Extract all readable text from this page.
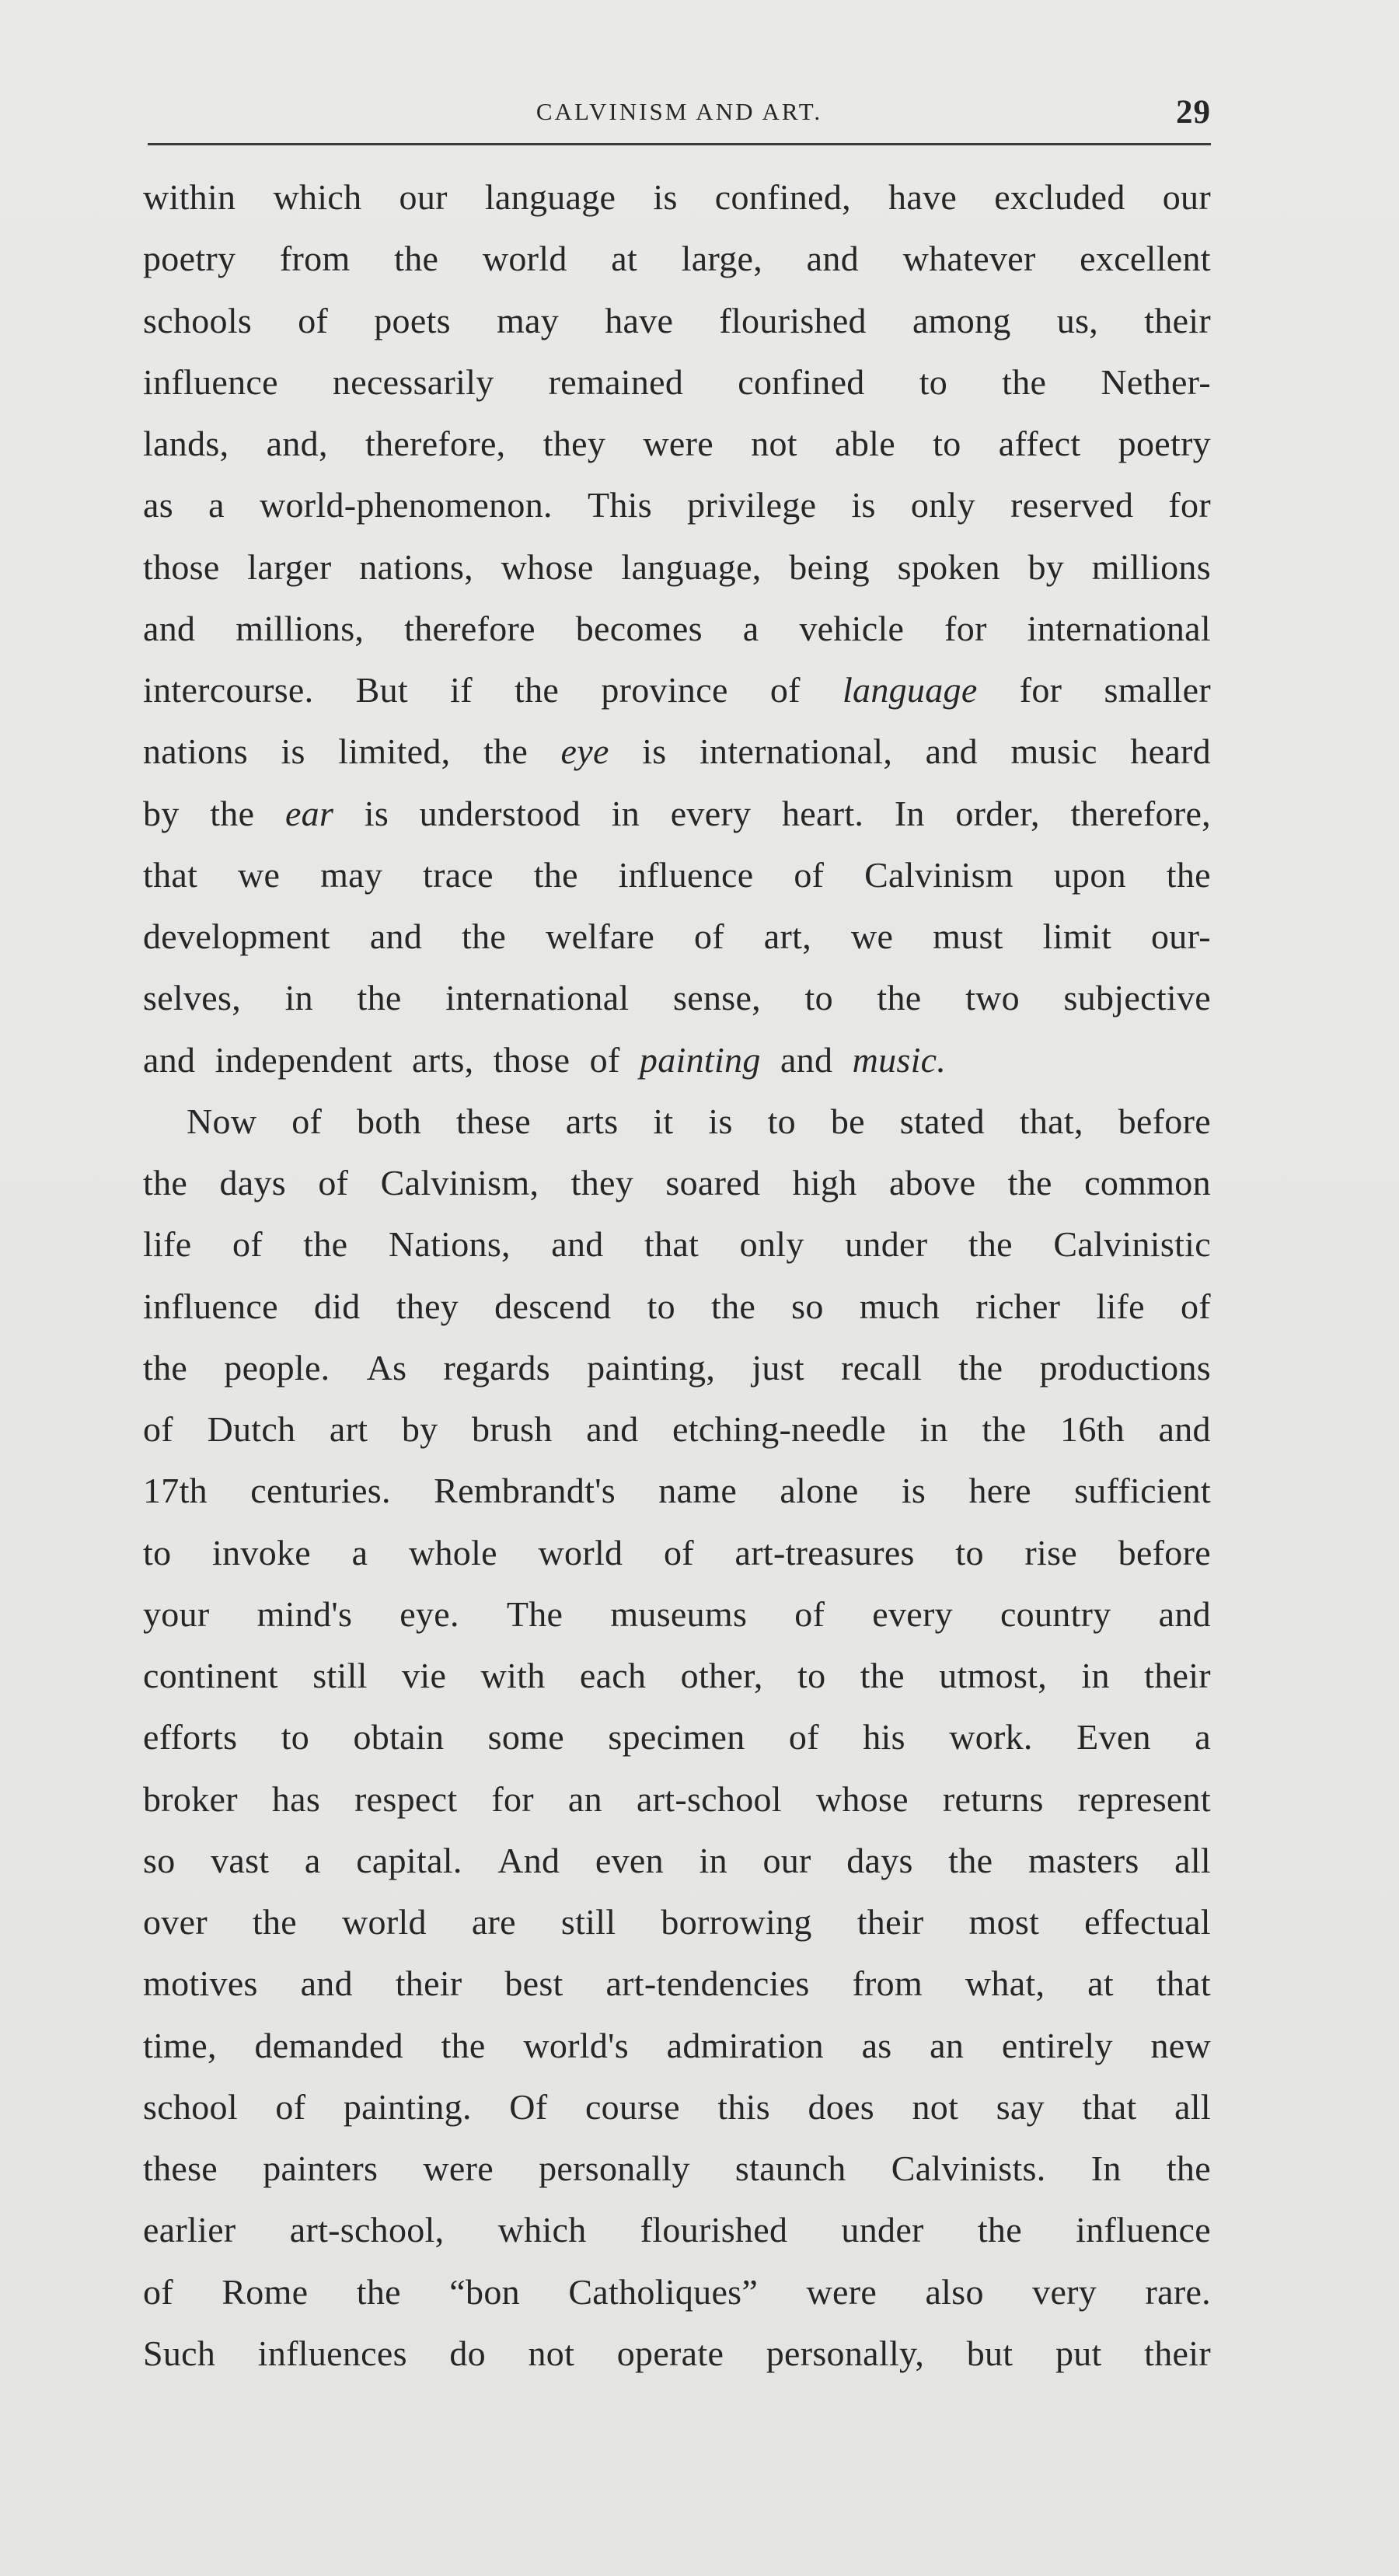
CALVINISM AND ART.	29
within which our language is confined, have excluded our
poetry from the world at large, and whatever excellent
schools of poets may have flourished among us, their
influence necessarily remained confined to the Nether-
lands, and, therefore, they were not able to affect poetry
as a world-phenomenon. This privilege is only reserved for
those larger nations, whose language, being spoken by millions
and millions, therefore becomes a vehicle for international
intercourse. But if the province of language for smaller
nations is limited, the eye is international, and music heard
by the ear is understood in every heart. In order, therefore,
that we may trace the influence of Calvinism upon the
development and the welfare of art, we must limit our-
selves, in the international sense, to the two subjective
and independent arts, those of painting and music.
Now of both these arts it is to be stated that, before
the days of Calvinism, they soared high above the common
life of the Nations, and that only under the Calvinistic
influence did they descend to the so much richer life of
the people. As regards painting, just recall the productions
of Dutch art by brush and etching-needle in the 16th and
17th centuries. Rembrandt's name alone is here sufficient
to invoke a whole world of art-treasures to rise before
your mind's eye. The museums of every country and
continent still vie with each other, to the utmost, in their
efforts to obtain some specimen of his work. Even a
broker has respect for an art-school whose returns represent
so vast a capital. And even in our days the masters all
over the world are still borrowing their most effectual
motives and their best art-tendencies from what, at that
time, demanded the world's admiration as an entirely new
school of painting. Of course this does not say that all
these painters were personally staunch Calvinists. In the
earlier art-school, which flourished under the influence
of Rome the “bon Catholiques” were also very rare.
Such influences do not operate personally, but put their
